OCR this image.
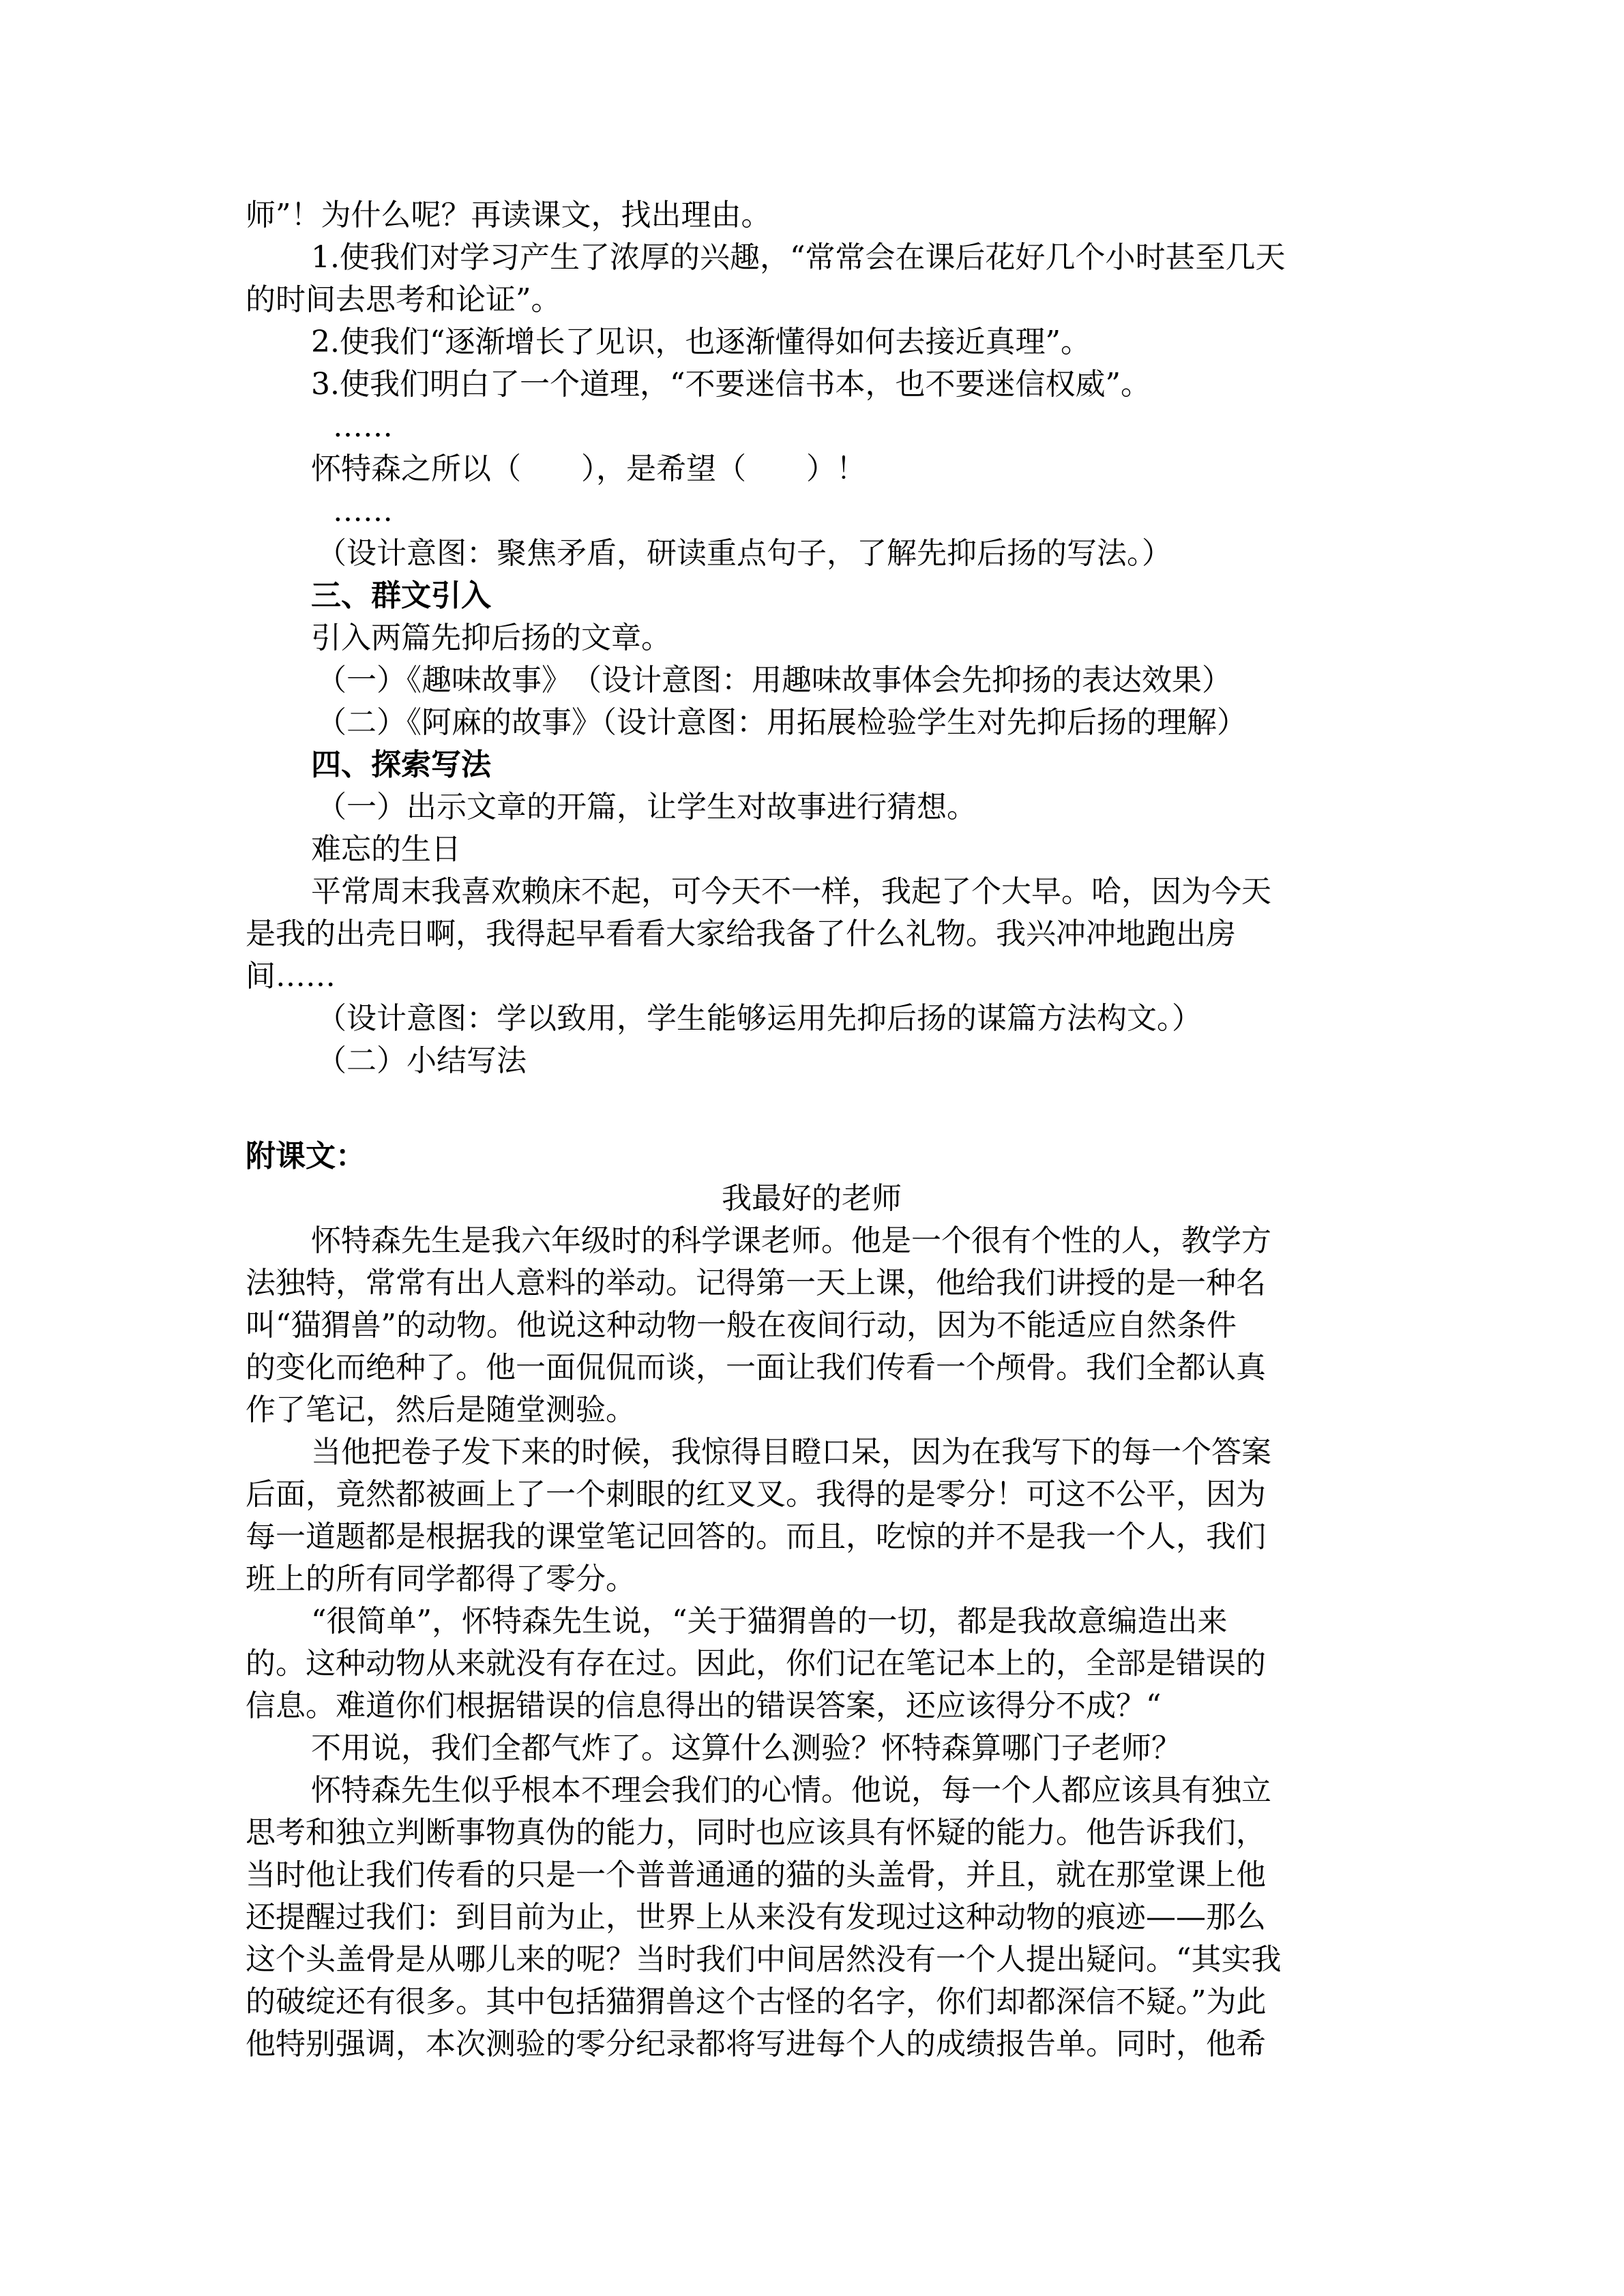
师”！为什么呢？再读课文，找出理由。
1.使我们对学习产生了浓厚的兴趣，“常常会在课后花好几个小时甚至几天
的时间去思考和论证”。
2.使我们“逐渐增长了见识，也逐渐懂得如何去接近真理”。
3.使我们明白了一个道理，“不要迷信书本，也不要迷信权威”。
……
怀特森之所以（　　），是希望（　　）！
……
（设计意图：聚焦矛盾，研读重点句子，了解先抑后扬的写法。）
三、群文引入
引入两篇先抑后扬的文章。
（一）《趣味故事》　（设计意图：用趣味故事体会先抑扬的表达效果）
（二）《阿麻的故事》（设计意图：用拓展检验学生对先抑后扬的理解）
四、探索写法
（一）出示文章的开篇，让学生对故事进行猜想。
难忘的生日
平常周末我喜欢赖床不起，可今天不一样，我起了个大早。哈，因为今天
是我的出壳日啊，我得起早看看大家给我备了什么礼物。我兴冲冲地跑出房
间……
（设计意图：学以致用，学生能够运用先抑后扬的谋篇方法构文。）
（二）小结写法
附课文：
我最好的老师
怀特森先生是我六年级时的科学课老师。他是一个很有个性的人，教学方
法独特，常常有出人意料的举动。记得第一天上课，他给我们讲授的是一种名
叫“猫猬兽”的动物。他说这种动物一般在夜间行动，因为不能适应自然条件
的变化而绝种了。他一面侃侃而谈，一面让我们传看一个颅骨。我们全都认真
作了笔记，然后是随堂测验。
当他把卷子发下来的时候，我惊得目瞪口呆，因为在我写下的每一个答案
后面，竟然都被画上了一个刺眼的红叉叉。我得的是零分！可这不公平，因为
每一道题都是根据我的课堂笔记回答的。而且，吃惊的并不是我一个人，我们
班上的所有同学都得了零分。
“很简单”，怀特森先生说，“关于猫猬兽的一切，都是我故意编造出来
的。这种动物从来就没有存在过。因此，你们记在笔记本上的，全部是错误的
信息。难道你们根据错误的信息得出的错误答案，还应该得分不成？“
不用说，我们全都气炸了。这算什么测验？怀特森算哪门子老师？
怀特森先生似乎根本不理会我们的心情。他说，每一个人都应该具有独立
思考和独立判断事物真伪的能力，同时也应该具有怀疑的能力。他告诉我们，
当时他让我们传看的只是一个普普通通的猫的头盖骨，并且，就在那堂课上他
还提醒过我们：到目前为止，世界上从来没有发现过这种动物的痕迹——那么
这个头盖骨是从哪儿来的呢？当时我们中间居然没有一个人提出疑问。“其实我
的破绽还有很多。其中包括猫猬兽这个古怪的名字，你们却都深信不疑。”为此
他特别强调，本次测验的零分纪录都将写进每个人的成绩报告单。同时，他希
